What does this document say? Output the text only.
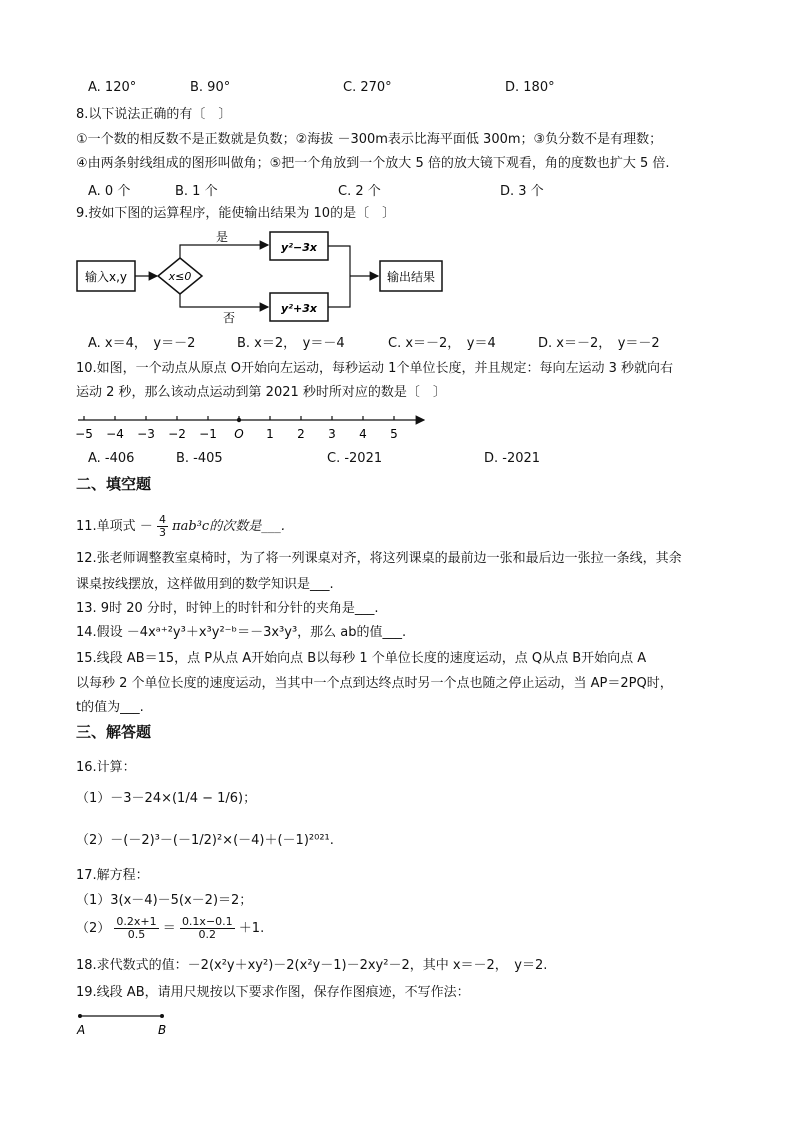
A. 120°	B. 90°	C. 270°	D. 180°
8.以下说法正确的有〔　〕
①一个数的相反数不是正数就是负数；②海拔 －300m表示比海平面低 300m；③负分数不是有理数；
④由两条射线组成的图形叫做角；⑤把一个角放到一个放大 5 倍的放大镜下观看，角的度数也扩大 5 倍.
A. 0 个	B. 1 个	C. 2 个	D. 3 个
9.按如下图的运算程序，能使输出结果为 10的是〔　〕
输入x,y	x≤0
是
否
y²−3x
y²+3x
输出结果
A. x＝4，　y＝－2	B. x＝2，　y＝－4	C. x＝－2，　y＝4	D. x＝－2，　y＝－2
10.如图，一个动点从原点 O开始向左运动，每秒运动 1个单位长度，并且规定：每向左运动 3 秒就向右
运动 2 秒，那么该动点运动到第 2021 秒时所对应的数是〔　〕
−5 −4 −3 −2 −1 O 1 2 3 4 5
A. -406	B. -405	C. -2021	D. -2021
二、填空题
11.单项式 － $\frac{4}{3} \pi ab^3c$的次数是___.
12.张老师调整教室桌椅时，为了将一列课桌对齐，将这列课桌的最前边一张和最后边一张拉一条线，其余
课桌按线摆放，这样做用到的数学知识是___.
13. 9时 20 分时，时钟上的时针和分针的夹角是___.
14.假设 －4xᵃ⁺²y³＋x³y²⁻ᵇ＝－3x³y³，那么 ab的值___.
15.线段 AB＝15，点 P从点 A开始向点 B以每秒 1 个单位长度的速度运动，点 Q从点 B开始向点 A
以每秒 2 个单位长度的速度运动，当其中一个点到达终点时另一个点也随之停止运动，当 AP＝2PQ时，
t的值为___.
三、解答题
16.计算：
（1）－3－24×(1/4 − 1/6)；
（2）－(－2)³－(－1/2)²×(－4)＋(－1)²⁰²¹.
17.解方程：
（1）3(x－4)－5(x－2)＝2；
$(2) \frac{0.2x+1}{0.5} = \frac{0.1x-0.1}{0.2} +1$.
18.求代数式的值：－2(x²y＋xy²)－2(x²y－1)－2xy²－2，其中 x＝－2，　y＝2.
19.线段 AB，请用尺规按以下要求作图，保存作图痕迹，不写作法：
A	B
